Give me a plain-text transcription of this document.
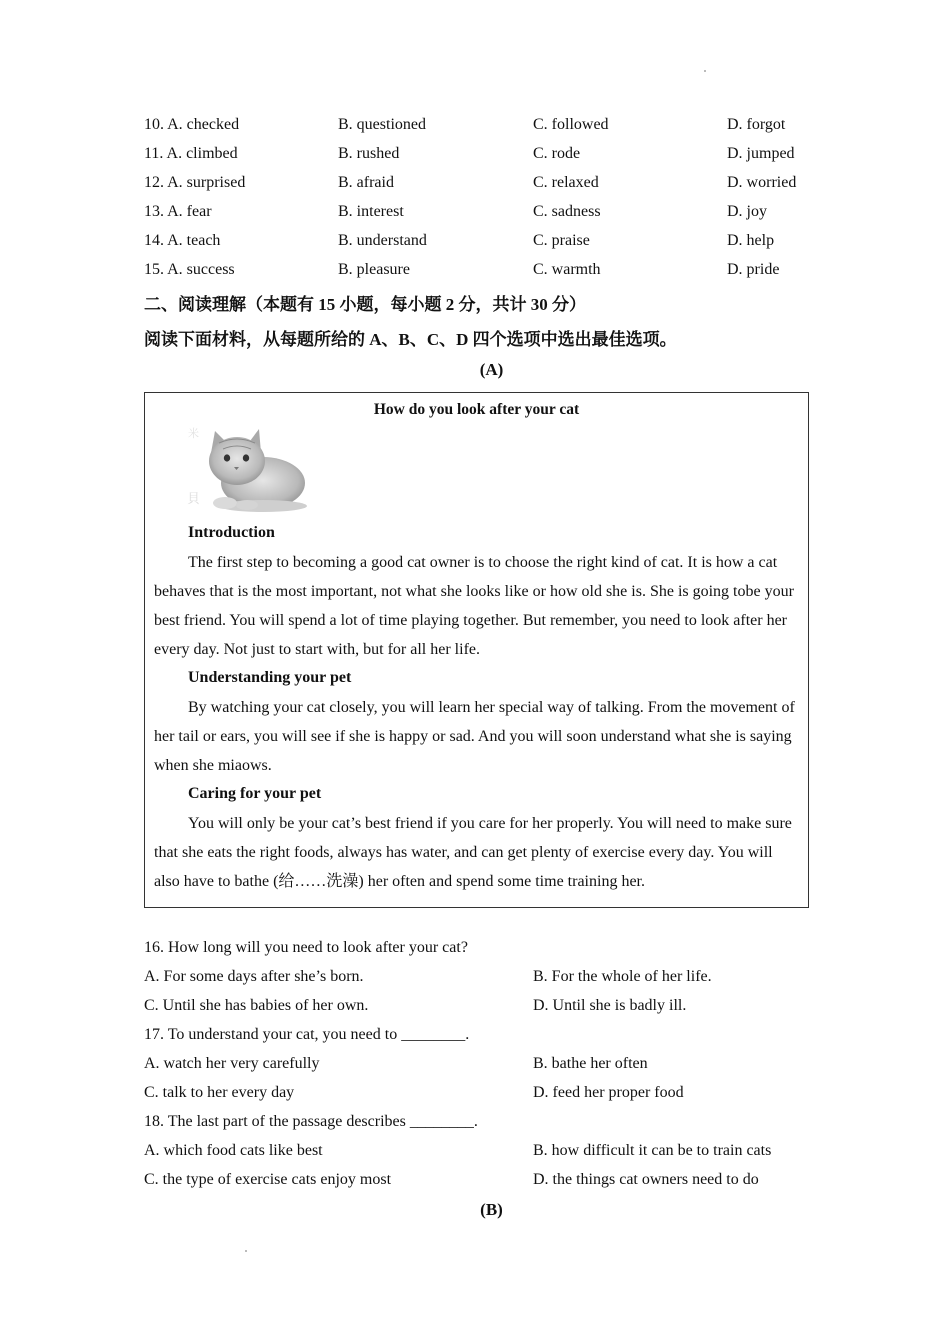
10. A. checked	B. questioned	C. followed	D. forgot
11. A. climbed	B. rushed	C. rode	D. jumped
12. A. surprised	B. afraid	C. relaxed	D. worried
13. A. fear	B. interest	C. sadness	D. joy
14. A. teach	B. understand	C. praise	D. help
15. A. success	B. pleasure	C. warmth	D. pride
二、阅读理解（本题有 15 小题，每小题 2 分，共计 30 分）
阅读下面材料，从每题所给的 A、B、C、D 四个选项中选出最佳选项。
(A)
How do you look after your cat
米
貝
Introduction

The first step to becoming a good cat owner is to choose the right kind of cat. It is how a cat behaves that is the most important, not what she looks like or how old she is. She is going tobe your best friend. You will spend a lot of time playing together. But remember, you need to look after her every day. Not just to start with, but for all her life.

Understanding your pet

By watching your cat closely, you will learn her special way of talking. From the movement of her tail or ears, you will see if she is happy or sad. And you will soon understand what she is saying when she miaows.

Caring for your pet

You will only be your cat’s best friend if you care for her properly. You will need to make sure that she eats the right foods, always has water, and can get plenty of exercise every day. You will also have to bathe (给……洗澡) her often and spend some time training her.

16. How long will you need to look after your cat?
A. For some days after she’s born.	B. For the whole of her life.
C. Until she has babies of her own.	D. Until she is badly ill.
17. To understand your cat, you need to ________.
A. watch her very carefully	B. bathe her often
C. talk to her every day	D. feed her proper food
18. The last part of the passage describes ________.
A. which food cats like best	B. how difficult it can be to train cats
C. the type of exercise cats enjoy most	D. the things cat owners need to do
(B)
